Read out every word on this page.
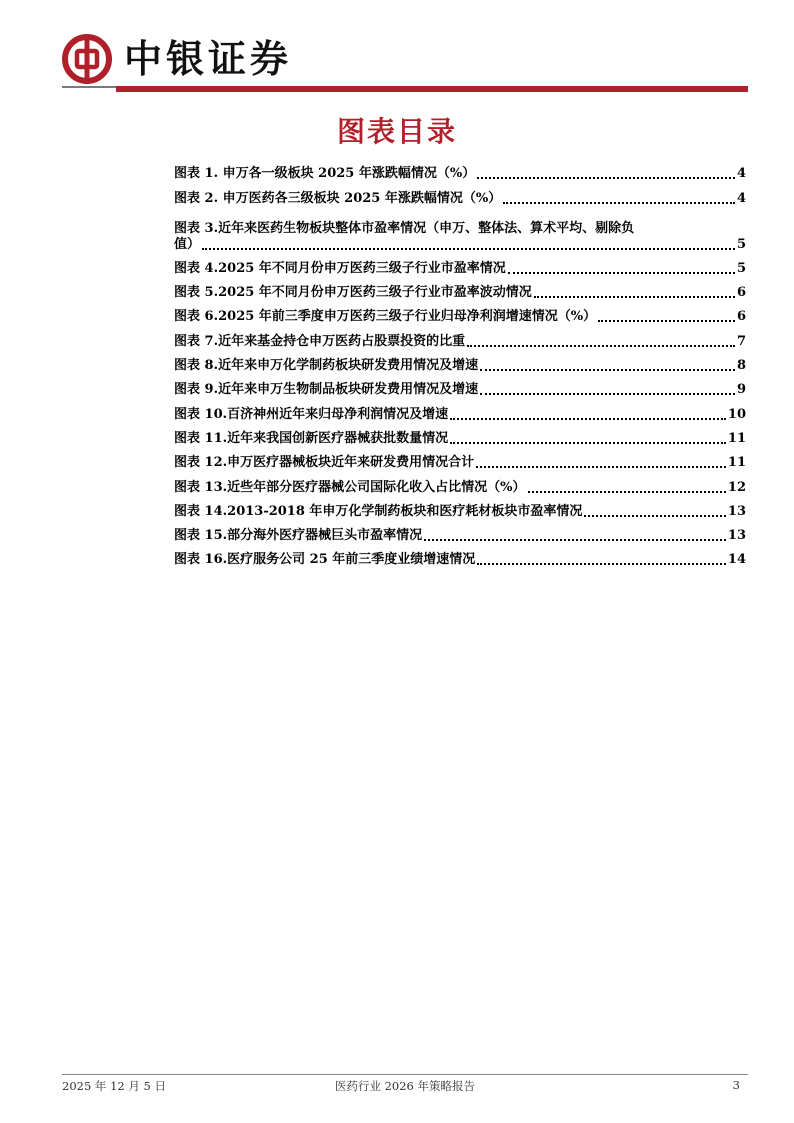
中银证券
图表目录
图表 1. 申万各一级板块 2025 年涨跌幅情况（%）	4
图表 2. 申万医药各三级板块 2025 年涨跌幅情况（%）	4
图表 3.近年来医药生物板块整体市盈率情况（申万、整体法、算术平均、剔除负
值）	5
图表 4.2025 年不同月份申万医药三级子行业市盈率情况	5
图表 5.2025 年不同月份申万医药三级子行业市盈率波动情况	6
图表 6.2025 年前三季度申万医药三级子行业归母净利润增速情况（%）	6
图表 7.近年来基金持仓申万医药占股票投资的比重	7
图表 8.近年来申万化学制药板块研发费用情况及增速	8
图表 9.近年来申万生物制品板块研发费用情况及增速	9
图表 10.百济神州近年来归母净利润情况及增速	10
图表 11.近年来我国创新医疗器械获批数量情况	11
图表 12.申万医疗器械板块近年来研发费用情况合计	11
图表 13.近些年部分医疗器械公司国际化收入占比情况（%）	12
图表 14.2013-2018 年申万化学制药板块和医疗耗材板块市盈率情况	13
图表 15.部分海外医疗器械巨头市盈率情况	13
图表 16.医疗服务公司 25 年前三季度业绩增速情况	14
2025 年 12 月 5 日	医药行业 2026 年策略报告	3
